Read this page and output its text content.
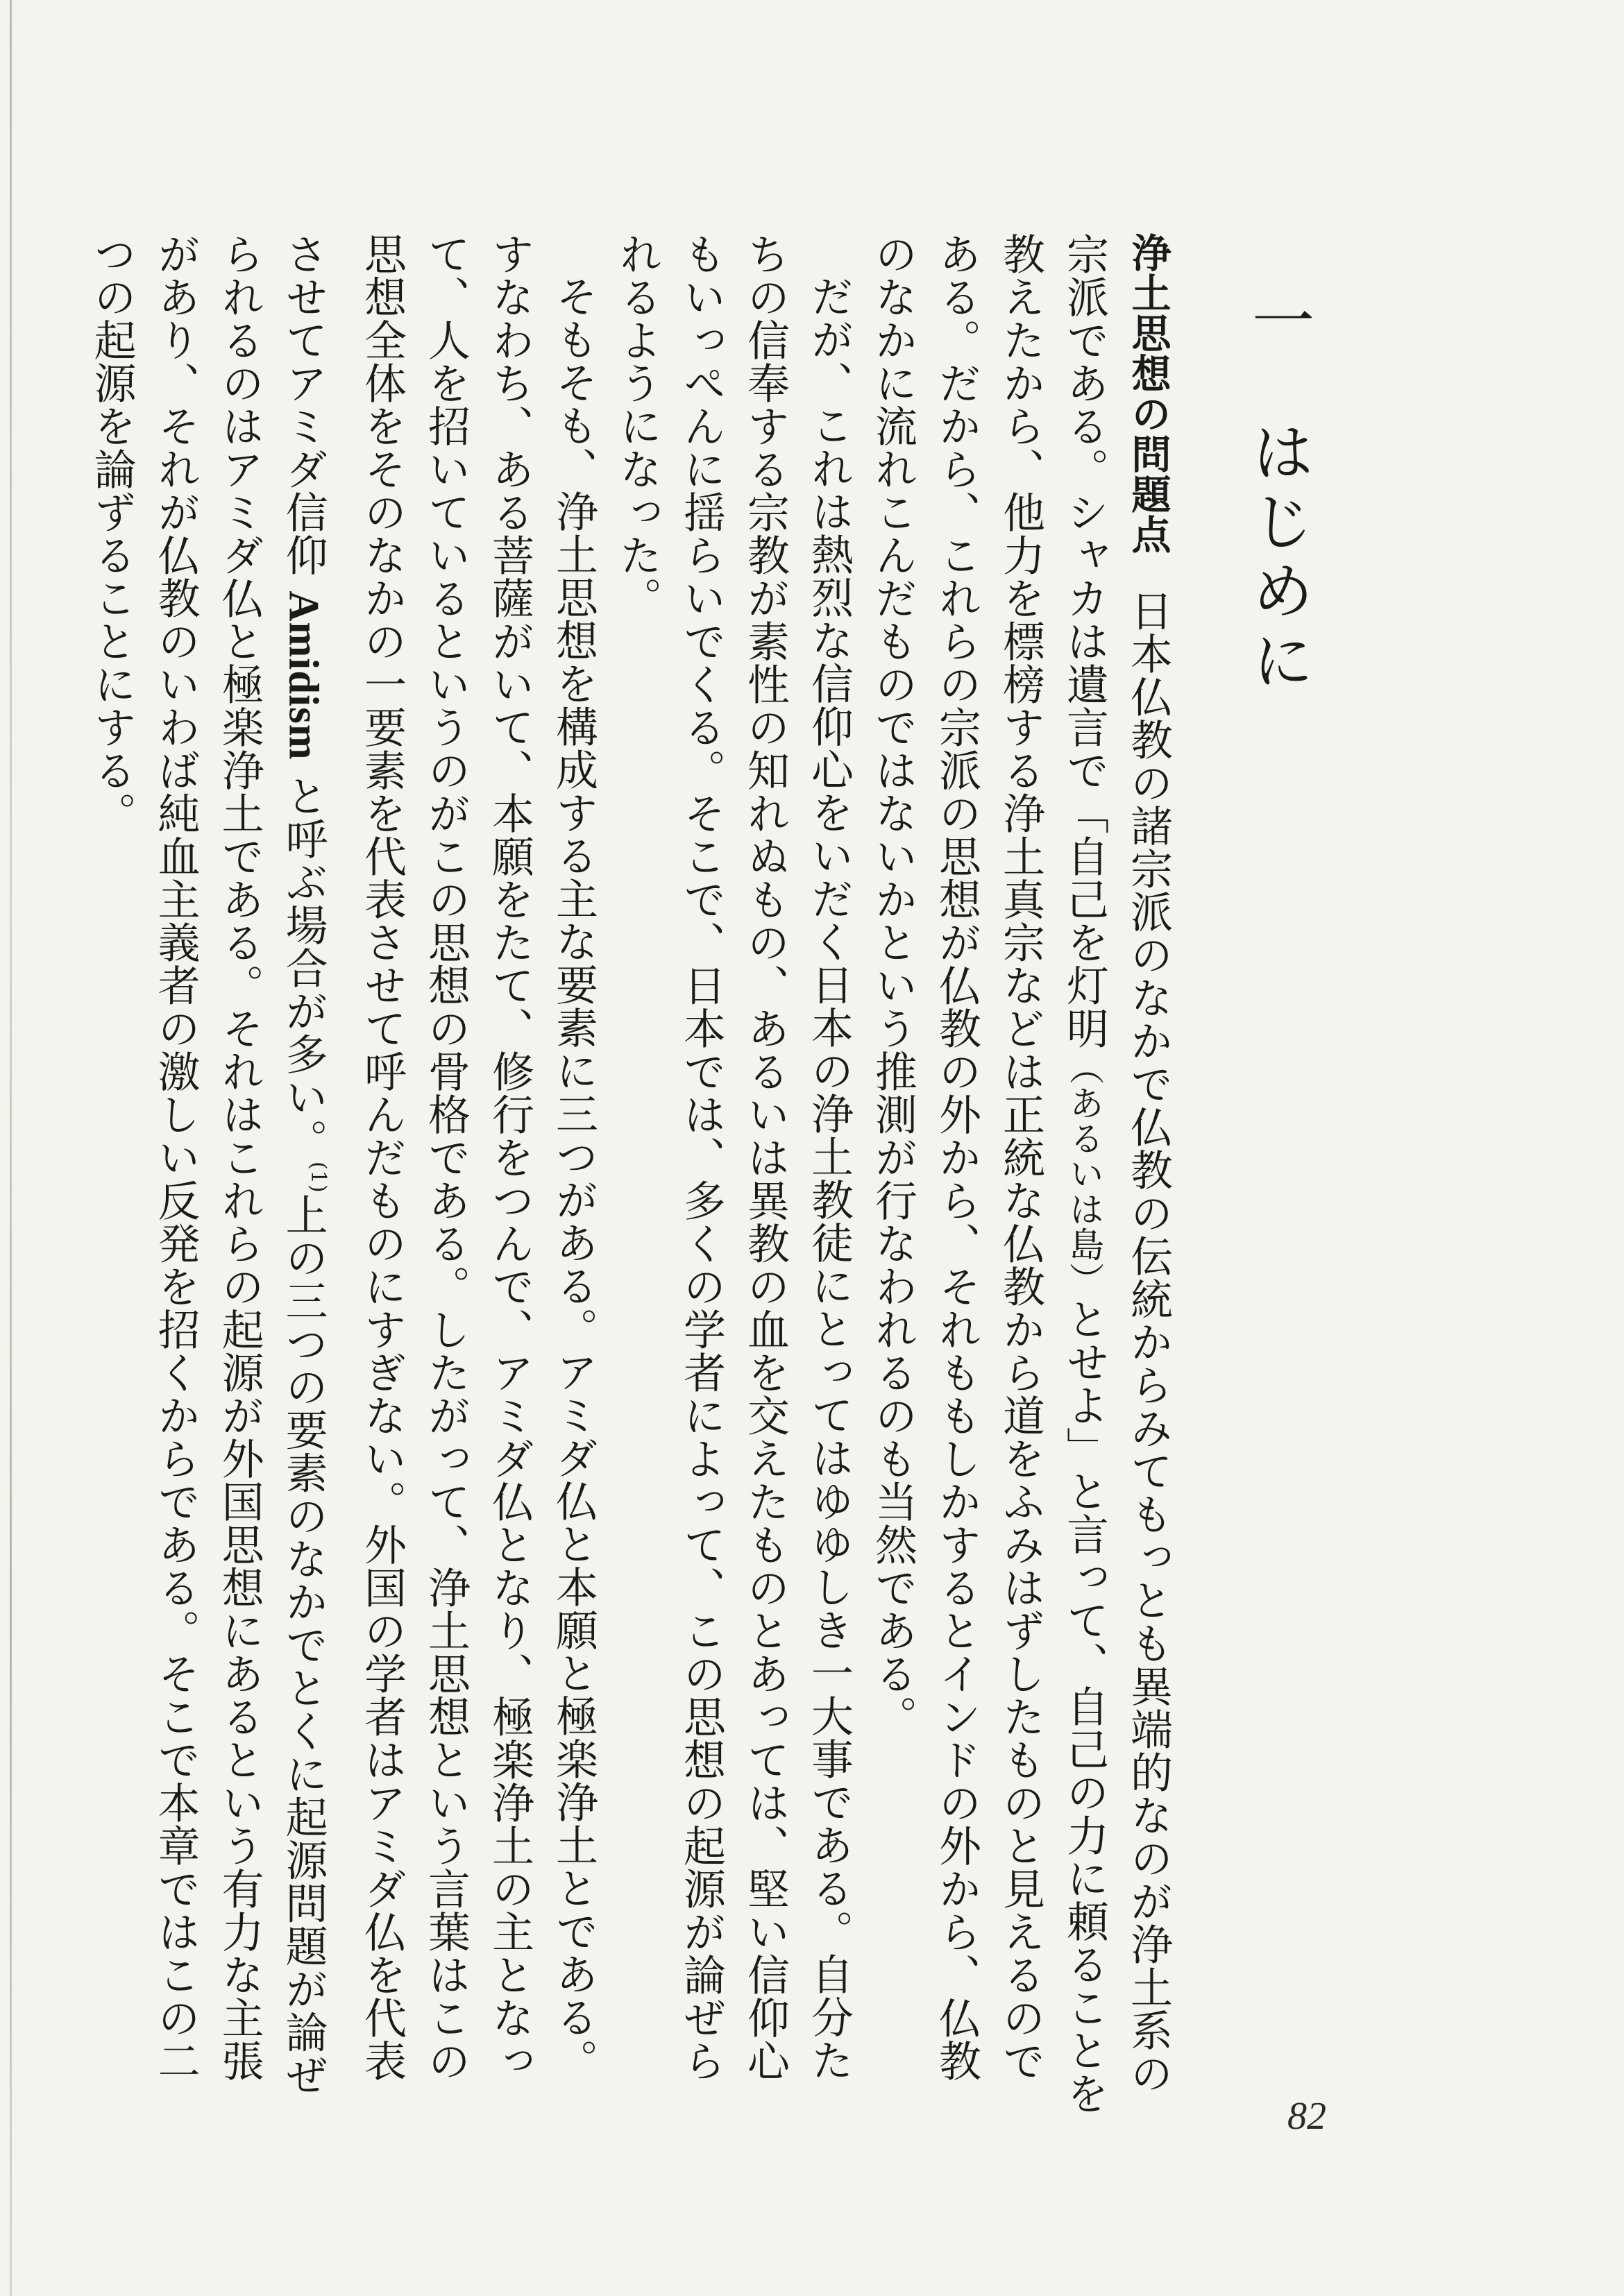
一はじめに

浄土思想の問題点日本仏教の諸宗派のなかで仏教の伝統からみてもっとも異端的なのが浄土系の宗派である。シャカは遺言で「自己を灯明（あるいは島）とせよ」と言って、自己の力に頼ることを教えたから、他力を標榜する浄土真宗などは正統な仏教から道をふみはずしたものと見えるのである。だから、これらの宗派の思想が仏教の外から、それももしかするとインドの外から、仏教のなかに流れこんだものではないかという推測が行なわれるのも当然である。

だが、これは熱烈な信仰心をいだく日本の浄土教徒にとってはゆゆしき一大事である。自分たちの信奉する宗教が素性の知れぬもの、あるいは異教の血を交えたものとあっては、堅い信仰心もいっぺんに揺らいでくる。そこで、日本では、多くの学者によって、この思想の起源が論ぜられるようになった。

そもそも、浄土思想を構成する主な要素に三つがある。アミダ仏と本願と極楽浄土とである。すなわち、ある菩薩がいて、本願をたて、修行をつんで、アミダ仏となり、極楽浄土の主となって、人を招いているというのがこの思想の骨格である。したがって、浄土思想という言葉はこの思想全体をそのなかの一要素を代表させて呼んだものにすぎない。外国の学者はアミダ仏を代表させてアミダ信仰 Amidism と呼ぶ場合が多い。$^{(1)}$上の三つの要素のなかでとくに起源問題が論ぜられるのはアミダ仏と極楽浄土である。それはこれらの起源が外国思想にあるという有力な主張があり、それが仏教のいわば純血主義者の激しい反発を招くからである。そこで本章ではこの二つの起源を論ずることにする。

82
